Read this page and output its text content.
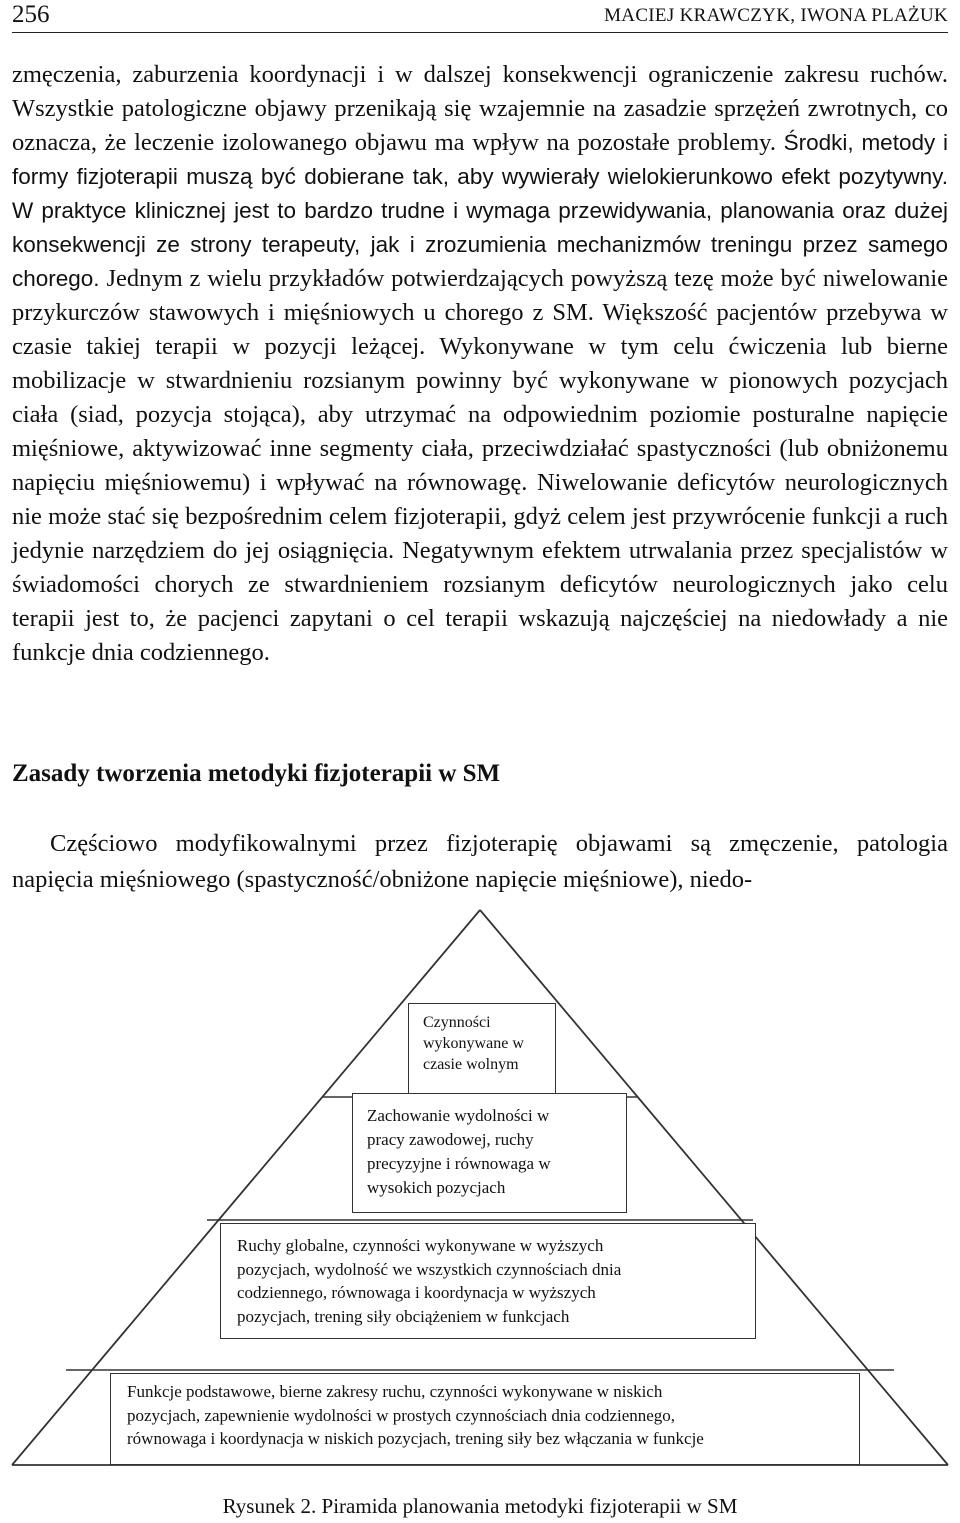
256	MACIEJ KRAWCZYK, IWONA PLAŻUK

zmęczenia, zaburzenia koordynacji i w dalszej konsekwencji ograniczenie zakresu ruchów. Wszystkie patologiczne objawy przenikają się wzajemnie na zasadzie sprzężeń zwrotnych, co oznacza, że leczenie izolowanego objawu ma wpływ na pozostałe problemy. Środki, metody i formy fizjoterapii muszą być dobierane tak, aby wywierały wielokierunkowo efekt pozytywny. W praktyce klinicznej jest to bardzo trudne i wymaga przewidywania, planowania oraz dużej konsekwencji ze strony terapeuty, jak i zrozumienia mechanizmów treningu przez samego chorego. Jednym z wielu przykładów potwierdzających powyższą tezę może być niwelowanie przykurczów stawowych i mięśniowych u chorego z SM. Większość pacjentów przebywa w czasie takiej terapii w pozycji leżącej. Wykonywane w tym celu ćwiczenia lub bierne mobilizacje w stwardnieniu rozsianym powinny być wykonywane w pionowych pozycjach ciała (siad, pozycja stojąca), aby utrzymać na odpowiednim poziomie posturalne napięcie mięśniowe, aktywizować inne segmenty ciała, przeciwdziałać spastyczności (lub obniżonemu napięciu mięśniowemu) i wpływać na równowagę. Niwelowanie deficytów neurologicznych nie może stać się bezpośrednim celem fizjoterapii, gdyż celem jest przywrócenie funkcji a ruch jedynie narzędziem do jej osiągnięcia. Negatywnym efektem utrwalania przez specjalistów w świadomości chorych ze stwardnieniem rozsianym deficytów neurologicznych jako celu terapii jest to, że pacjenci zapytani o cel terapii wskazują najczęściej na niedowłady a nie funkcje dnia codziennego.

Zasady tworzenia metodyki fizjoterapii w SM

Częściowo modyfikowalnymi przez fizjoterapię objawami są zmęczenie, patologia napięcia mięśniowego (spastyczność/obniżone napięcie mięśniowe), niedo-

Czynności
wykonywane w
czasie wolnym
Zachowanie wydolności w
pracy zawodowej, ruchy
precyzyjne i równowaga w
wysokich pozycjach
Ruchy globalne, czynności wykonywane w wyższych
pozycjach, wydolność we wszystkich czynnościach dnia
codziennego, równowaga i koordynacja w wyższych
pozycjach, trening siły obciążeniem w funkcjach
Funkcje podstawowe, bierne zakresy ruchu, czynności wykonywane w niskich
pozycjach, zapewnienie wydolności w prostych czynnościach dnia codziennego,
równowaga i koordynacja w niskich pozycjach, trening siły bez włączania w funkcje
Rysunek 2. Piramida planowania metodyki fizjoterapii w SM
